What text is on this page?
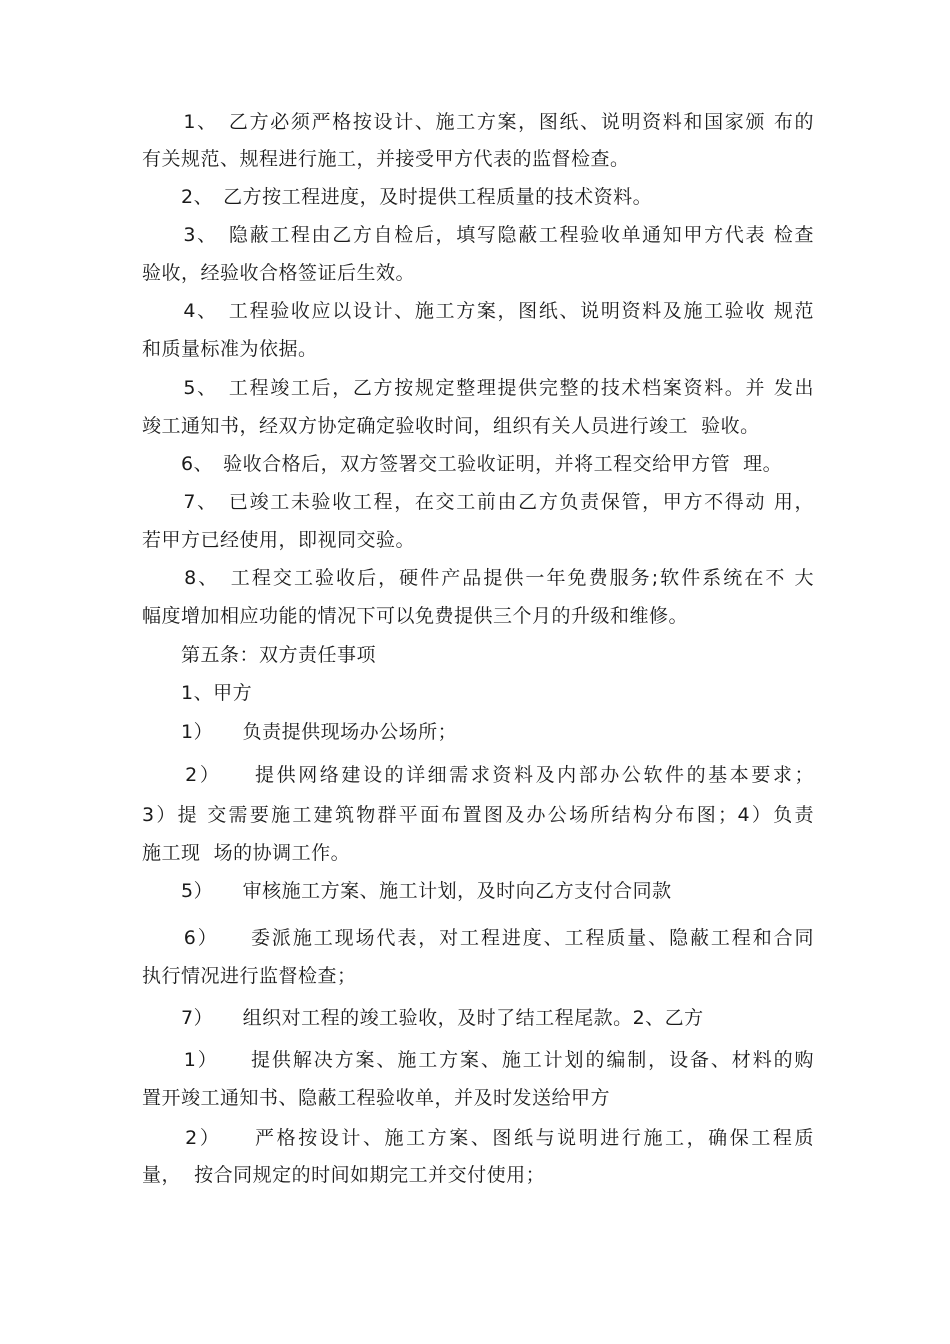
　　1、　乙方必须严格按设计、施工方案，图纸、说明资料和国家颁 布的
有关规范、规程进行施工，并接受甲方代表的监督检查。
　　2、　乙方按工程进度，及时提供工程质量的技术资料。
　　3、　隐蔽工程由乙方自检后，填写隐蔽工程验收单通知甲方代表 检查
验收，经验收合格签证后生效。
　　4、　工程验收应以设计、施工方案，图纸、说明资料及施工验收 规范
和质量标准为依据。
　　5、　工程竣工后，乙方按规定整理提供完整的技术档案资料。并 发出
竣工通知书，经双方协定确定验收时间，组织有关人员进行竣工  验收。
　　6、　验收合格后，双方签署交工验收证明，并将工程交给甲方管  理。
　　7、　已竣工未验收工程，在交工前由乙方负责保管，甲方不得动 用，
若甲方已经使用，即视同交验。
　　8、　工程交工验收后，硬件产品提供一年免费服务;软件系统在不 大
幅度增加相应功能的情况下可以免费提供三个月的升级和维修。
　　第五条：双方责任事项
　　1、甲方
　　1）　　负责提供现场办公场所；
　　2）　　提供网络建设的详细需求资料及内部办公软件的基本要求；
3）提 交需要施工建筑物群平面布置图及办公场所结构分布图；4）负责
施工现  场的协调工作。
　　5）　　审核施工方案、施工计划，及时向乙方支付合同款
　　6）　　委派施工现场代表，对工程进度、工程质量、隐蔽工程和合同
执行情况进行监督检查；
　　7）　　组织对工程的竣工验收，及时了结工程尾款。2、乙方
　　1）　　提供解决方案、施工方案、施工计划的编制，设备、材料的购
置开竣工通知书、隐蔽工程验收单，并及时发送给甲方
　　2）　　严格按设计、施工方案、图纸与说明进行施工，确保工程质
量，  按合同规定的时间如期完工并交付使用；
